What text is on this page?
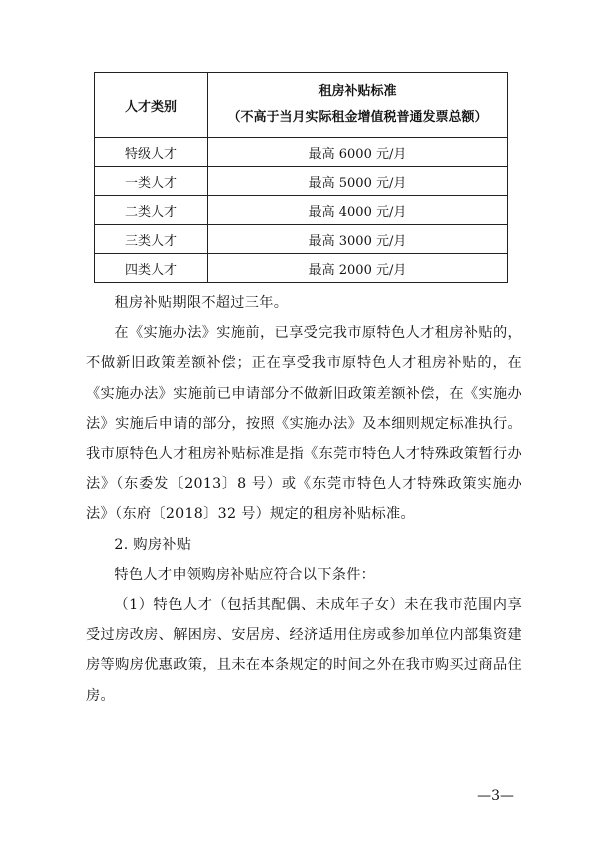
人才类别	租房补贴标准
（不高于当月实际租金增值税普通发票总额）

特级人才	最高 6000 元/月
一类人才	最高 5000 元/月
二类人才	最高 4000 元/月
三类人才	最高 3000 元/月
四类人才	最高 2000 元/月

租房补贴期限不超过三年。

在《实施办法》实施前，已享受完我市原特色人才租房补贴的，不做新旧政策差额补偿；正在享受我市原特色人才租房补贴的，在《实施办法》实施前已申请部分不做新旧政策差额补偿，在《实施办法》实施后申请的部分，按照《实施办法》及本细则规定标准执行。我市原特色人才租房补贴标准是指《东莞市特色人才特殊政策暂行办法》（东委发〔2013〕8 号）或《东莞市特色人才特殊政策实施办法》（东府〔2018〕32 号）规定的租房补贴标准。

2. 购房补贴

特色人才申领购房补贴应符合以下条件：

（1）特色人才（包括其配偶、未成年子女）未在我市范围内享受过房改房、解困房、安居房、经济适用住房或参加单位内部集资建房等购房优惠政策，且未在本条规定的时间之外在我市购买过商品住房。

—3—
